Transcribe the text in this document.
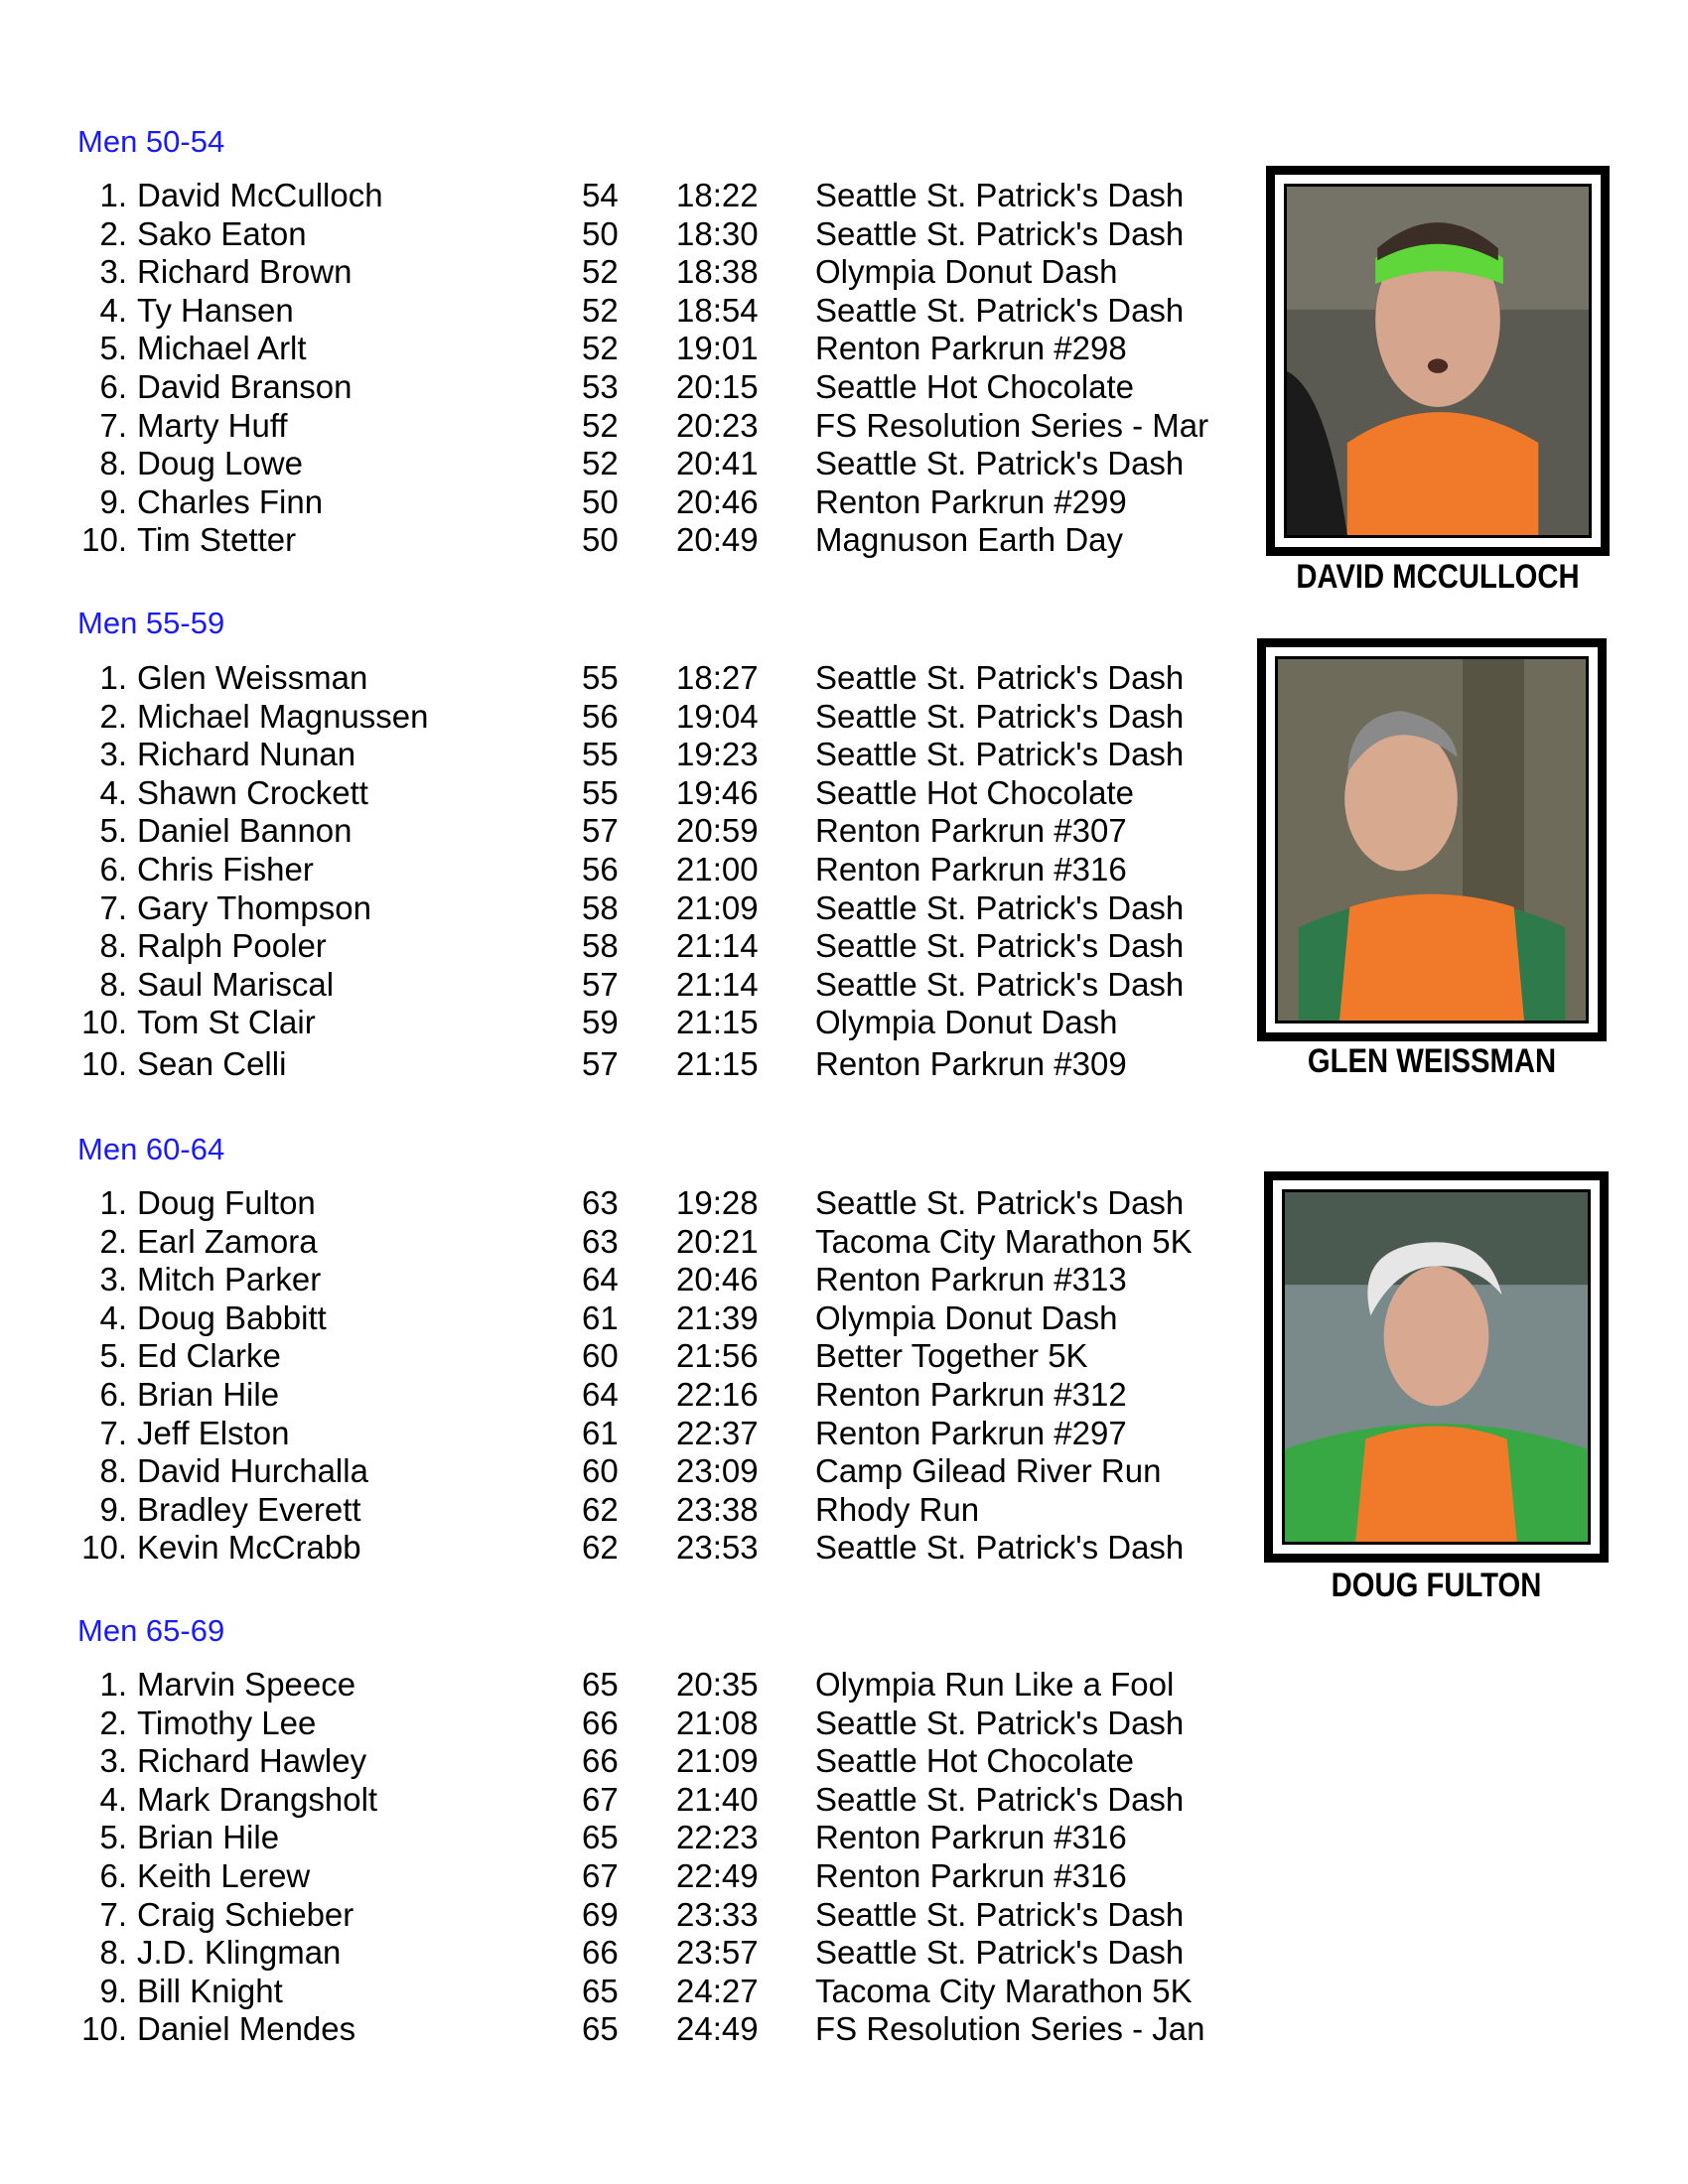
Men 50-54
Men 55-59
Men 60-64
Men 65-69
1. David McCulloch	54 18:22 Seattle St. Patrick's Dash
2. Sako Eaton	50 18:30 Seattle St. Patrick's Dash
3. Richard Brown	52 18:38 Olympia Donut Dash
4. Ty Hansen	52 18:54 Seattle St. Patrick's Dash
5. Michael Arlt	52 19:01 Renton Parkrun #298
6. David Branson	53 20:15 Seattle Hot Chocolate
7. Marty Huff	52 20:23 FS Resolution Series - Mar
8. Doug Lowe	52 20:41 Seattle St. Patrick's Dash
9. Charles Finn	50 20:46 Renton Parkrun #299
10. Tim Stetter	50 20:49 Magnuson Earth Day
1. Glen Weissman	55 18:27 Seattle St. Patrick's Dash
2. Michael Magnussen	56 19:04 Seattle St. Patrick's Dash
3. Richard Nunan	55 19:23 Seattle St. Patrick's Dash
4. Shawn Crockett	55 19:46 Seattle Hot Chocolate
5. Daniel Bannon	57 20:59 Renton Parkrun #307
6. Chris Fisher	56 21:00 Renton Parkrun #316
7. Gary Thompson	58 21:09 Seattle St. Patrick's Dash
8. Ralph Pooler	58 21:14 Seattle St. Patrick's Dash
8. Saul Mariscal	57 21:14 Seattle St. Patrick's Dash
10. Tom St Clair	59 21:15 Olympia Donut Dash
10. Sean Celli	57 21:15 Renton Parkrun #309
1. Doug Fulton	63 19:28 Seattle St. Patrick's Dash
2. Earl Zamora	63 20:21 Tacoma City Marathon 5K
3. Mitch Parker	64 20:46 Renton Parkrun #313
4. Doug Babbitt	61 21:39 Olympia Donut Dash
5. Ed Clarke	60 21:56 Better Together 5K
6. Brian Hile	64 22:16 Renton Parkrun #312
7. Jeff Elston	61 22:37 Renton Parkrun #297
8. David Hurchalla	60 23:09 Camp Gilead River Run
9. Bradley Everett	62 23:38 Rhody Run
10. Kevin McCrabb	62 23:53 Seattle St. Patrick's Dash
1. Marvin Speece	65 20:35 Olympia Run Like a Fool
2. Timothy Lee	66 21:08 Seattle St. Patrick's Dash
3. Richard Hawley	66 21:09 Seattle Hot Chocolate
4. Mark Drangsholt	67 21:40 Seattle St. Patrick's Dash
5. Brian Hile	65 22:23 Renton Parkrun #316
6. Keith Lerew	67 22:49 Renton Parkrun #316
7. Craig Schieber	69 23:33 Seattle St. Patrick's Dash
8. J.D. Klingman	66 23:57 Seattle St. Patrick's Dash
9. Bill Knight	65 24:27 Tacoma City Marathon 5K
10. Daniel Mendes	65 24:49 FS Resolution Series - Jan
DAVID MCCULLOCH
GLEN WEISSMAN
DOUG FULTON
